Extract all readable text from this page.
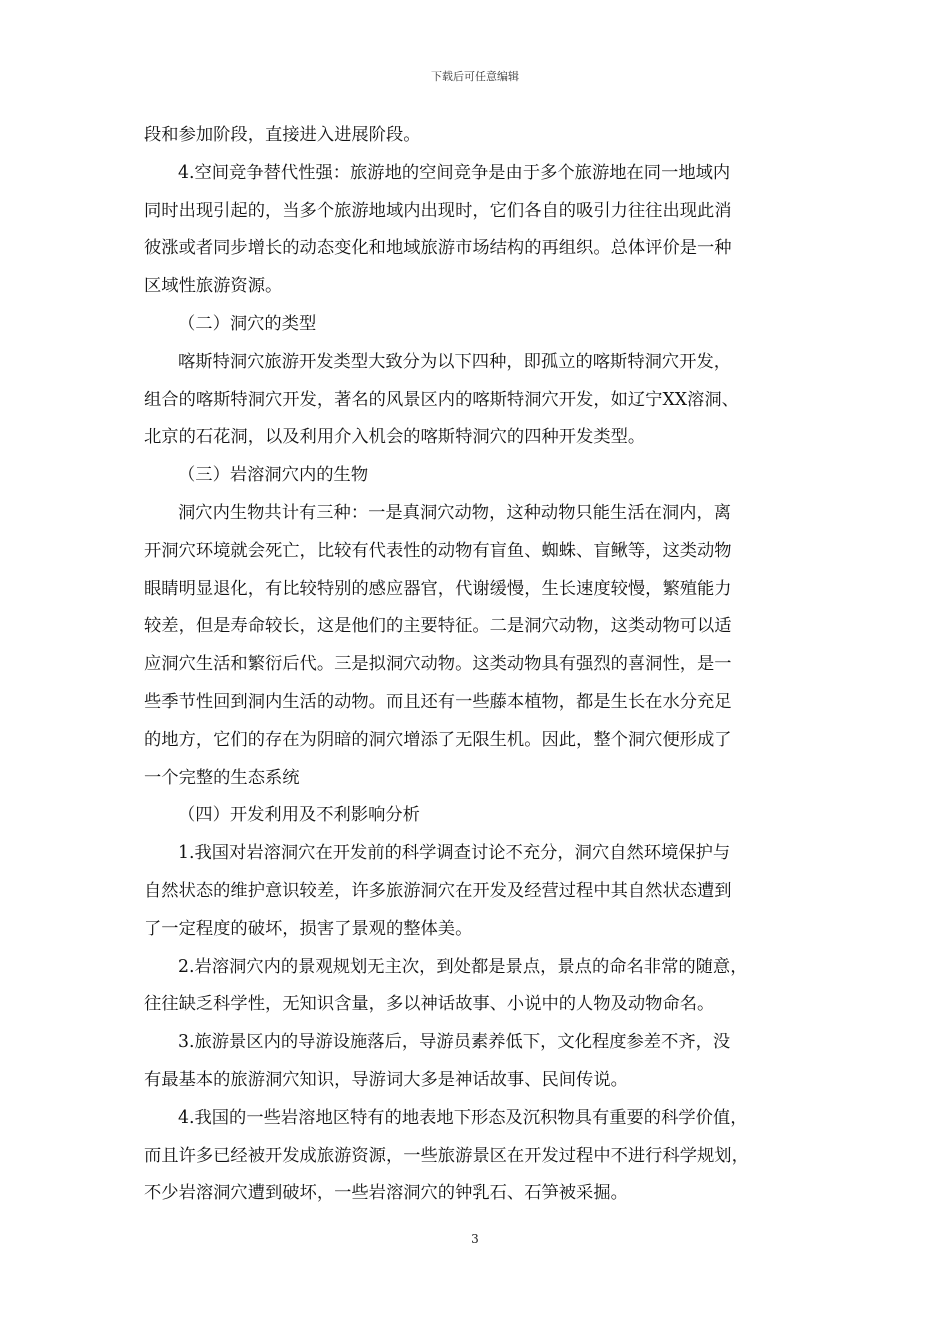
下载后可任意编辑
段和参加阶段，直接进入进展阶段。
4.空间竞争替代性强：旅游地的空间竞争是由于多个旅游地在同一地域内
同时出现引起的，当多个旅游地域内出现时，它们各自的吸引力往往出现此消
彼涨或者同步增长的动态变化和地域旅游市场结构的再组织。总体评价是一种
区域性旅游资源。
（二）洞穴的类型
喀斯特洞穴旅游开发类型大致分为以下四种，即孤立的喀斯特洞穴开发，
组合的喀斯特洞穴开发，著名的风景区内的喀斯特洞穴开发，如辽宁XX溶洞、
北京的石花洞，以及利用介入机会的喀斯特洞穴的四种开发类型。
（三）岩溶洞穴内的生物
洞穴内生物共计有三种：一是真洞穴动物，这种动物只能生活在洞内，离
开洞穴环境就会死亡，比较有代表性的动物有盲鱼、蜘蛛、盲鳅等，这类动物
眼睛明显退化，有比较特别的感应器官，代谢缓慢，生长速度较慢，繁殖能力
较差，但是寿命较长，这是他们的主要特征。二是洞穴动物，这类动物可以适
应洞穴生活和繁衍后代。三是拟洞穴动物。这类动物具有强烈的喜洞性，是一
些季节性回到洞内生活的动物。而且还有一些藤本植物，都是生长在水分充足
的地方，它们的存在为阴暗的洞穴增添了无限生机。因此，整个洞穴便形成了
一个完整的生态系统
（四）开发利用及不利影响分析
1.我国对岩溶洞穴在开发前的科学调查讨论不充分，洞穴自然环境保护与
自然状态的维护意识较差，许多旅游洞穴在开发及经营过程中其自然状态遭到
了一定程度的破坏，损害了景观的整体美。
2.岩溶洞穴内的景观规划无主次，到处都是景点，景点的命名非常的随意，
往往缺乏科学性，无知识含量，多以神话故事、小说中的人物及动物命名。
3.旅游景区内的导游设施落后，导游员素养低下，文化程度参差不齐，没
有最基本的旅游洞穴知识，导游词大多是神话故事、民间传说。
4.我国的一些岩溶地区特有的地表地下形态及沉积物具有重要的科学价值，
而且许多已经被开发成旅游资源，一些旅游景区在开发过程中不进行科学规划，
不少岩溶洞穴遭到破坏，一些岩溶洞穴的钟乳石、石笋被采掘。
3
